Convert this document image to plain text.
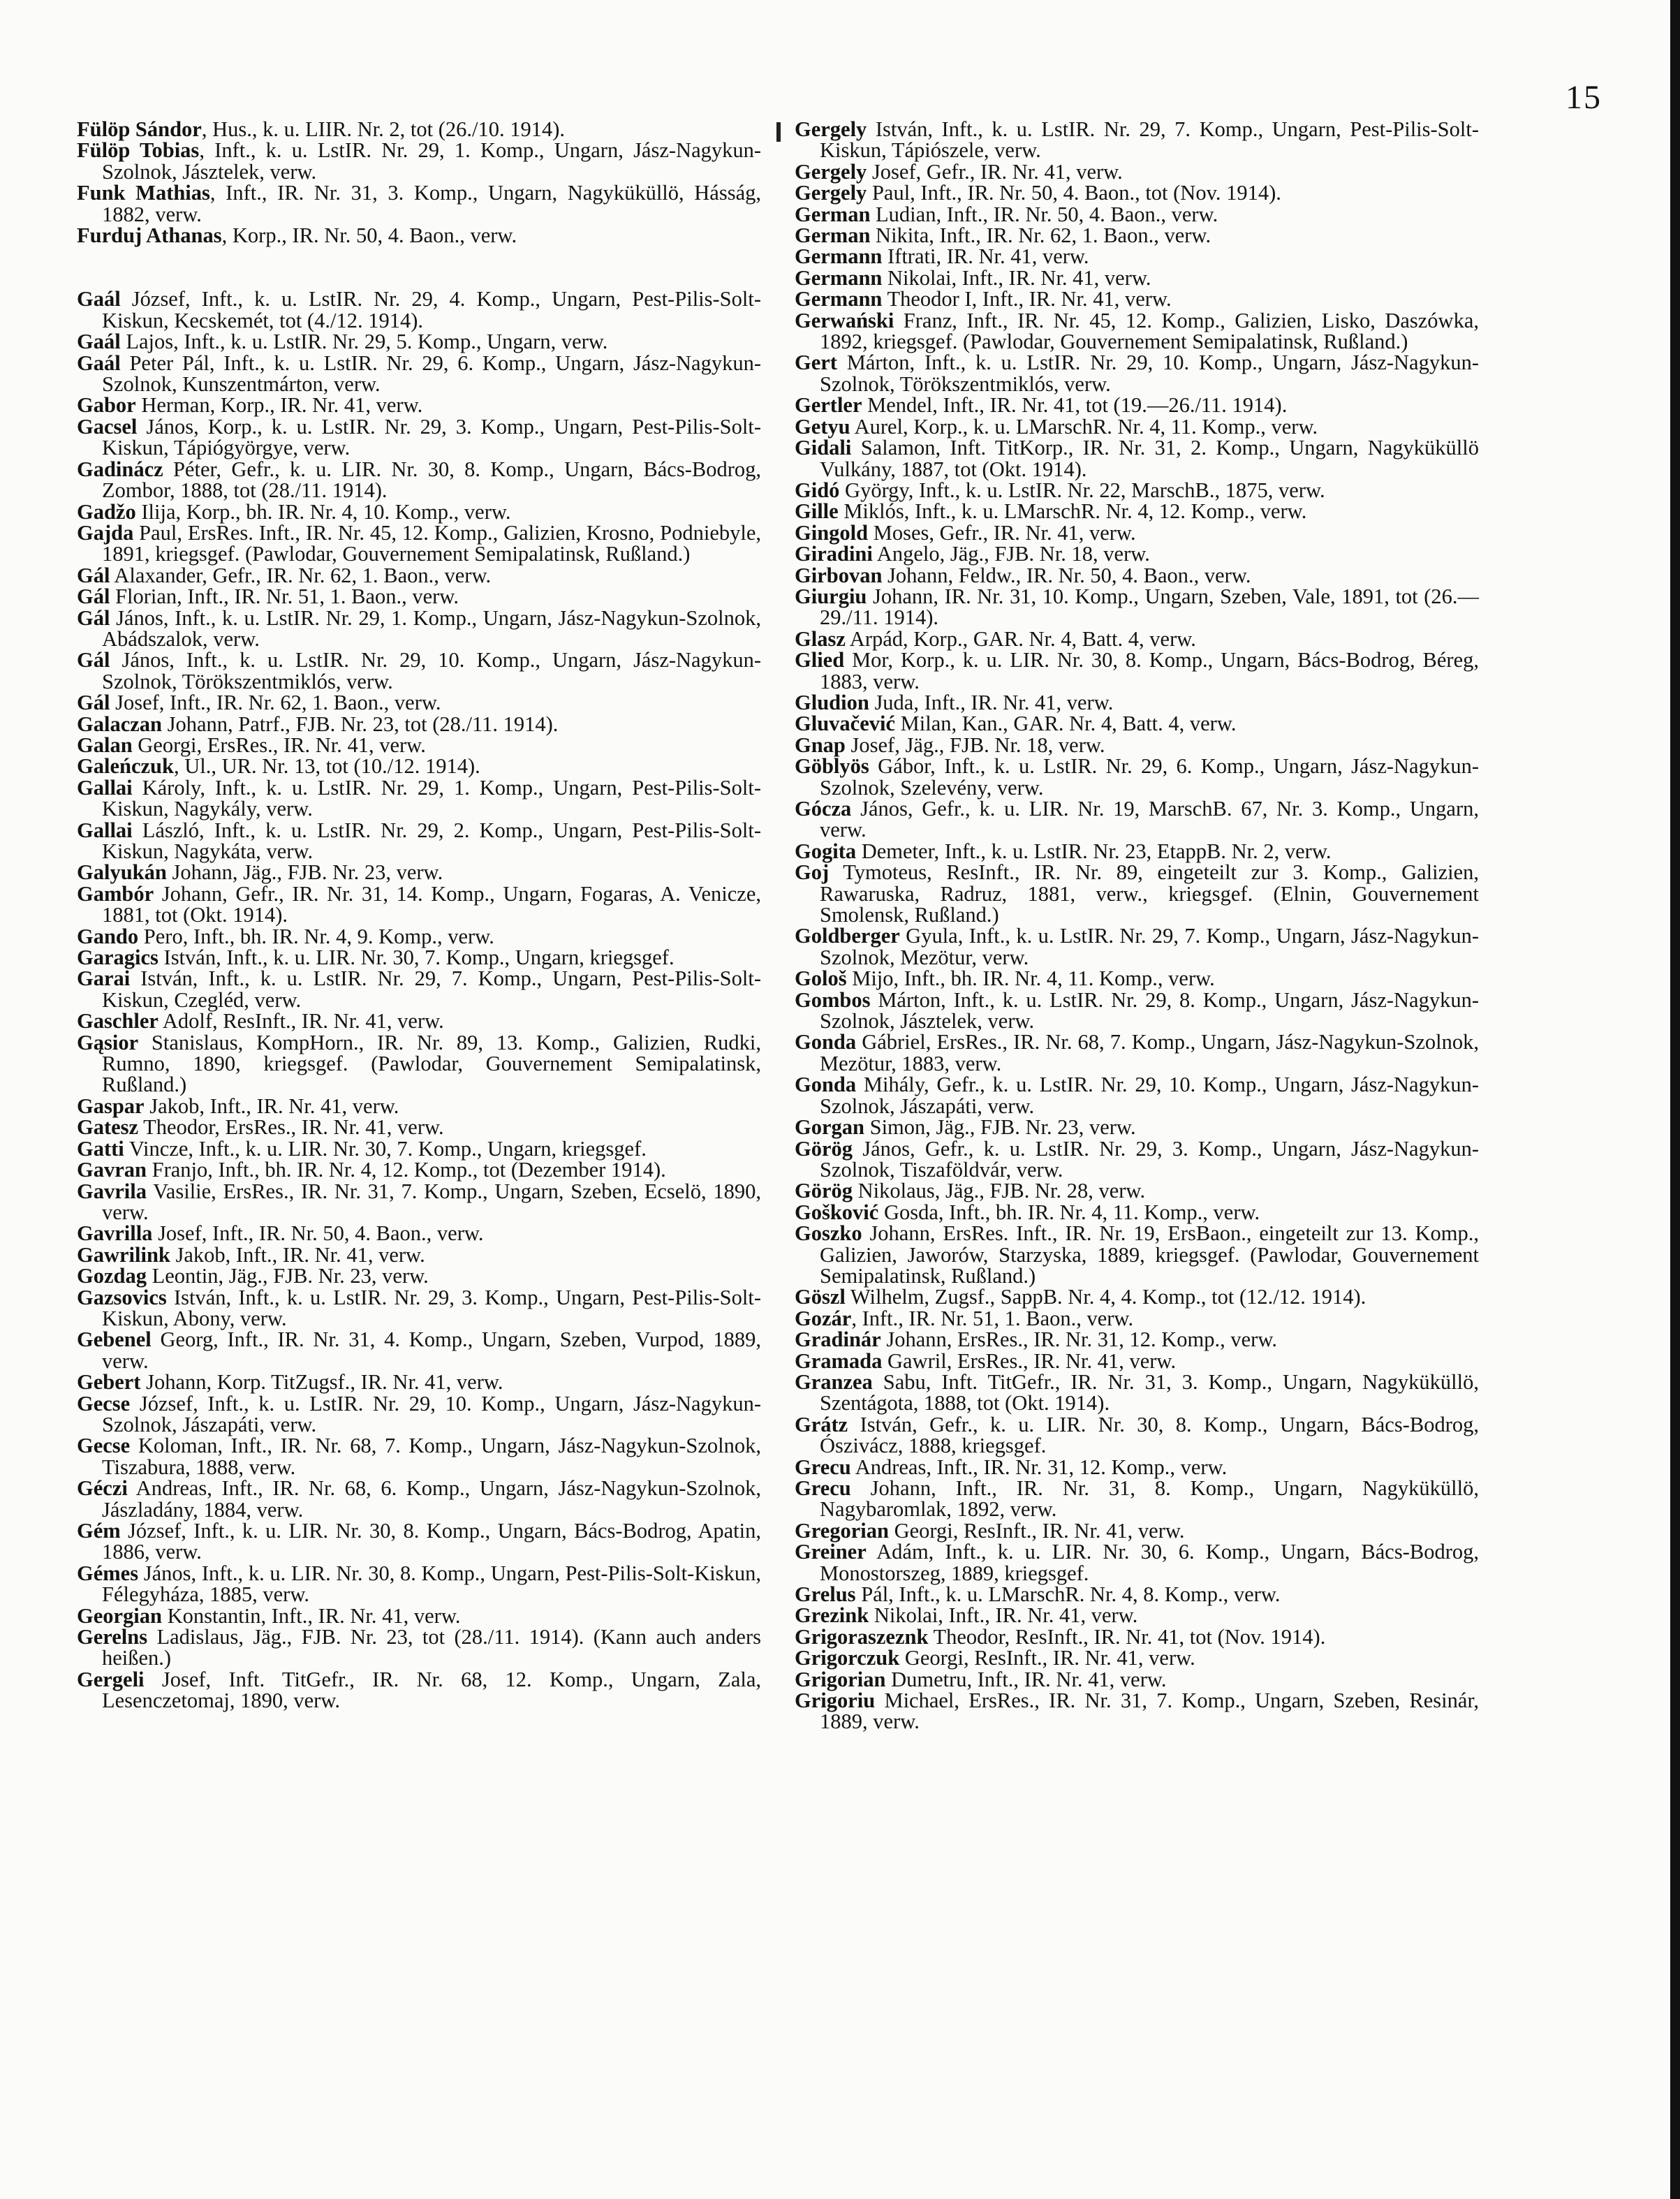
15
Fülöp Sándor, Hus., k. u. LIIR. Nr. 2, tot (26./10. 1914).
Fülöp Tobias, Inft., k. u. LstIR. Nr. 29, 1. Komp., Ungarn, Jász-Nagykun-Szolnok, Jásztelek, verw.
Funk Mathias, Inft., IR. Nr. 31, 3. Komp., Ungarn, Nagyküküllö, Hásság, 1882, verw.
Furduj Athanas, Korp., IR. Nr. 50, 4. Baon., verw.
Gaál József, Inft., k. u. LstIR. Nr. 29, 4. Komp., Ungarn, Pest-Pilis-Solt-Kiskun, Kecskemét, tot (4./12. 1914).
Gaál Lajos, Inft., k. u. LstIR. Nr. 29, 5. Komp., Ungarn, verw.
Gaál Peter Pál, Inft., k. u. LstIR. Nr. 29, 6. Komp., Ungarn, Jász-Nagykun-Szolnok, Kunszentmárton, verw.
Gabor Herman, Korp., IR. Nr. 41, verw.
Gacsel János, Korp., k. u. LstIR. Nr. 29, 3. Komp., Ungarn, Pest-Pilis-Solt-Kiskun, Tápiógyörgye, verw.
Gadinácz Péter, Gefr., k. u. LIR. Nr. 30, 8. Komp., Ungarn, Bács-Bodrog, Zombor, 1888, tot (28./11. 1914).
Gadžo Ilija, Korp., bh. IR. Nr. 4, 10. Komp., verw.
Gajda Paul, ErsRes. Inft., IR. Nr. 45, 12. Komp., Galizien, Krosno, Podniebyle, 1891, kriegsgef. (Pawlodar, Gouvernement Semipalatinsk, Rußland.)
Gál Alaxander, Gefr., IR. Nr. 62, 1. Baon., verw.
Gál Florian, Inft., IR. Nr. 51, 1. Baon., verw.
Gál János, Inft., k. u. LstIR. Nr. 29, 1. Komp., Ungarn, Jász-Nagykun-Szolnok, Abádszalok, verw.
Gál János, Inft., k. u. LstIR. Nr. 29, 10. Komp., Ungarn, Jász-Nagykun-Szolnok, Törökszentmiklós, verw.
Gál Josef, Inft., IR. Nr. 62, 1. Baon., verw.
Galaczan Johann, Patrf., FJB. Nr. 23, tot (28./11. 1914).
Galan Georgi, ErsRes., IR. Nr. 41, verw.
Galeńczuk, Ul., UR. Nr. 13, tot (10./12. 1914).
Gallai Károly, Inft., k. u. LstIR. Nr. 29, 1. Komp., Ungarn, Pest-Pilis-Solt-Kiskun, Nagykály, verw.
Gallai László, Inft., k. u. LstIR. Nr. 29, 2. Komp., Ungarn, Pest-Pilis-Solt-Kiskun, Nagykáta, verw.
Galyukán Johann, Jäg., FJB. Nr. 23, verw.
Gambór Johann, Gefr., IR. Nr. 31, 14. Komp., Ungarn, Fogaras, A. Venicze, 1881, tot (Okt. 1914).
Gando Pero, Inft., bh. IR. Nr. 4, 9. Komp., verw.
Garagics István, Inft., k. u. LIR. Nr. 30, 7. Komp., Ungarn, kriegsgef.
Garai István, Inft., k. u. LstIR. Nr. 29, 7. Komp., Ungarn, Pest-Pilis-Solt-Kiskun, Czegléd, verw.
Gaschler Adolf, ResInft., IR. Nr. 41, verw.
Gąsior Stanislaus, KompHorn., IR. Nr. 89, 13. Komp., Galizien, Rudki, Rumno, 1890, kriegsgef. (Pawlodar, Gouvernement Semipalatinsk, Rußland.)
Gaspar Jakob, Inft., IR. Nr. 41, verw.
Gatesz Theodor, ErsRes., IR. Nr. 41, verw.
Gatti Vincze, Inft., k. u. LIR. Nr. 30, 7. Komp., Ungarn, kriegsgef.
Gavran Franjo, Inft., bh. IR. Nr. 4, 12. Komp., tot (Dezember 1914).
Gavrila Vasilie, ErsRes., IR. Nr. 31, 7. Komp., Ungarn, Szeben, Ecselö, 1890, verw.
Gavrilla Josef, Inft., IR. Nr. 50, 4. Baon., verw.
Gawrilink Jakob, Inft., IR. Nr. 41, verw.
Gozdag Leontin, Jäg., FJB. Nr. 23, verw.
Gazsovics István, Inft., k. u. LstIR. Nr. 29, 3. Komp., Ungarn, Pest-Pilis-Solt-Kiskun, Abony, verw.
Gebenel Georg, Inft., IR. Nr. 31, 4. Komp., Ungarn, Szeben, Vurpod, 1889, verw.
Gebert Johann, Korp. TitZugsf., IR. Nr. 41, verw.
Gecse József, Inft., k. u. LstIR. Nr. 29, 10. Komp., Ungarn, Jász-Nagykun-Szolnok, Jászapáti, verw.
Gecse Koloman, Inft., IR. Nr. 68, 7. Komp., Ungarn, Jász-Nagykun-Szolnok, Tiszabura, 1888, verw.
Géczi Andreas, Inft., IR. Nr. 68, 6. Komp., Ungarn, Jász-Nagykun-Szolnok, Jászladány, 1884, verw.
Gém József, Inft., k. u. LIR. Nr. 30, 8. Komp., Ungarn, Bács-Bodrog, Apatin, 1886, verw.
Gémes János, Inft., k. u. LIR. Nr. 30, 8. Komp., Ungarn, Pest-Pilis-Solt-Kiskun, Félegyháza, 1885, verw.
Georgian Konstantin, Inft., IR. Nr. 41, verw.
Gerelns Ladislaus, Jäg., FJB. Nr. 23, tot (28./11. 1914). (Kann auch anders heißen.)
Gergeli Josef, Inft. TitGefr., IR. Nr. 68, 12. Komp., Ungarn, Zala, Lesenczetomaj, 1890, verw.
Gergely István, Inft., k. u. LstIR. Nr. 29, 7. Komp., Ungarn, Pest-Pilis-Solt-Kiskun, Tápiószele, verw.
Gergely Josef, Gefr., IR. Nr. 41, verw.
Gergely Paul, Inft., IR. Nr. 50, 4. Baon., tot (Nov. 1914).
German Ludian, Inft., IR. Nr. 50, 4. Baon., verw.
German Nikita, Inft., IR. Nr. 62, 1. Baon., verw.
Germann Iftrati, IR. Nr. 41, verw.
Germann Nikolai, Inft., IR. Nr. 41, verw.
Germann Theodor I, Inft., IR. Nr. 41, verw.
Gerwański Franz, Inft., IR. Nr. 45, 12. Komp., Galizien, Lisko, Daszówka, 1892, kriegsgef. (Pawlodar, Gouvernement Semipalatinsk, Rußland.)
Gert Márton, Inft., k. u. LstIR. Nr. 29, 10. Komp., Ungarn, Jász-Nagykun-Szolnok, Törökszentmiklós, verw.
Gertler Mendel, Inft., IR. Nr. 41, tot (19.—26./11. 1914).
Getyu Aurel, Korp., k. u. LMarschR. Nr. 4, 11. Komp., verw.
Gidali Salamon, Inft. TitKorp., IR. Nr. 31, 2. Komp., Ungarn, Nagyküküllö Vulkány, 1887, tot (Okt. 1914).
Gidó György, Inft., k. u. LstIR. Nr. 22, MarschB., 1875, verw.
Gille Miklós, Inft., k. u. LMarschR. Nr. 4, 12. Komp., verw.
Gingold Moses, Gefr., IR. Nr. 41, verw.
Giradini Angelo, Jäg., FJB. Nr. 18, verw.
Girbovan Johann, Feldw., IR. Nr. 50, 4. Baon., verw.
Giurgiu Johann, IR. Nr. 31, 10. Komp., Ungarn, Szeben, Vale, 1891, tot (26.—29./11. 1914).
Glasz Arpád, Korp., GAR. Nr. 4, Batt. 4, verw.
Glied Mor, Korp., k. u. LIR. Nr. 30, 8. Komp., Ungarn, Bács-Bodrog, Béreg, 1883, verw.
Gludion Juda, Inft., IR. Nr. 41, verw.
Gluvačević Milan, Kan., GAR. Nr. 4, Batt. 4, verw.
Gnap Josef, Jäg., FJB. Nr. 18, verw.
Göblyös Gábor, Inft., k. u. LstIR. Nr. 29, 6. Komp., Ungarn, Jász-Nagykun-Szolnok, Szelevény, verw.
Gócza János, Gefr., k. u. LIR. Nr. 19, MarschB. 67, Nr. 3. Komp., Ungarn, verw.
Gogita Demeter, Inft., k. u. LstIR. Nr. 23, EtappB. Nr. 2, verw.
Goj Tymoteus, ResInft., IR. Nr. 89, eingeteilt zur 3. Komp., Galizien, Rawaruska, Radruz, 1881, verw., kriegsgef. (Elnin, Gouvernement Smolensk, Rußland.)
Goldberger Gyula, Inft., k. u. LstIR. Nr. 29, 7. Komp., Ungarn, Jász-Nagykun-Szolnok, Mezötur, verw.
Gološ Mijo, Inft., bh. IR. Nr. 4, 11. Komp., verw.
Gombos Márton, Inft., k. u. LstIR. Nr. 29, 8. Komp., Ungarn, Jász-Nagykun-Szolnok, Jásztelek, verw.
Gonda Gábriel, ErsRes., IR. Nr. 68, 7. Komp., Ungarn, Jász-Nagykun-Szolnok, Mezötur, 1883, verw.
Gonda Mihály, Gefr., k. u. LstIR. Nr. 29, 10. Komp., Ungarn, Jász-Nagykun-Szolnok, Jászapáti, verw.
Gorgan Simon, Jäg., FJB. Nr. 23, verw.
Görög János, Gefr., k. u. LstIR. Nr. 29, 3. Komp., Ungarn, Jász-Nagykun-Szolnok, Tiszaföldvár, verw.
Görög Nikolaus, Jäg., FJB. Nr. 28, verw.
Gošković Gosda, Inft., bh. IR. Nr. 4, 11. Komp., verw.
Goszko Johann, ErsRes. Inft., IR. Nr. 19, ErsBaon., eingeteilt zur 13. Komp., Galizien, Jaworów, Starzyska, 1889, kriegsgef. (Pawlodar, Gouvernement Semipalatinsk, Rußland.)
Göszl Wilhelm, Zugsf., SappB. Nr. 4, 4. Komp., tot (12./12. 1914).
Gozár, Inft., IR. Nr. 51, 1. Baon., verw.
Gradinár Johann, ErsRes., IR. Nr. 31, 12. Komp., verw.
Gramada Gawril, ErsRes., IR. Nr. 41, verw.
Granzea Sabu, Inft. TitGefr., IR. Nr. 31, 3. Komp., Ungarn, Nagyküküllö, Szentágota, 1888, tot (Okt. 1914).
Grátz István, Gefr., k. u. LIR. Nr. 30, 8. Komp., Ungarn, Bács-Bodrog, Ószivácz, 1888, kriegsgef.
Grecu Andreas, Inft., IR. Nr. 31, 12. Komp., verw.
Grecu Johann, Inft., IR. Nr. 31, 8. Komp., Ungarn, Nagyküküllö, Nagybaromlak, 1892, verw.
Gregorian Georgi, ResInft., IR. Nr. 41, verw.
Greiner Adám, Inft., k. u. LIR. Nr. 30, 6. Komp., Ungarn, Bács-Bodrog, Monostorszeg, 1889, kriegsgef.
Grelus Pál, Inft., k. u. LMarschR. Nr. 4, 8. Komp., verw.
Grezink Nikolai, Inft., IR. Nr. 41, verw.
Grigoraszeznk Theodor, ResInft., IR. Nr. 41, tot (Nov. 1914).
Grigorczuk Georgi, ResInft., IR. Nr. 41, verw.
Grigorian Dumetru, Inft., IR. Nr. 41, verw.
Grigoriu Michael, ErsRes., IR. Nr. 31, 7. Komp., Ungarn, Szeben, Resinár, 1889, verw.
